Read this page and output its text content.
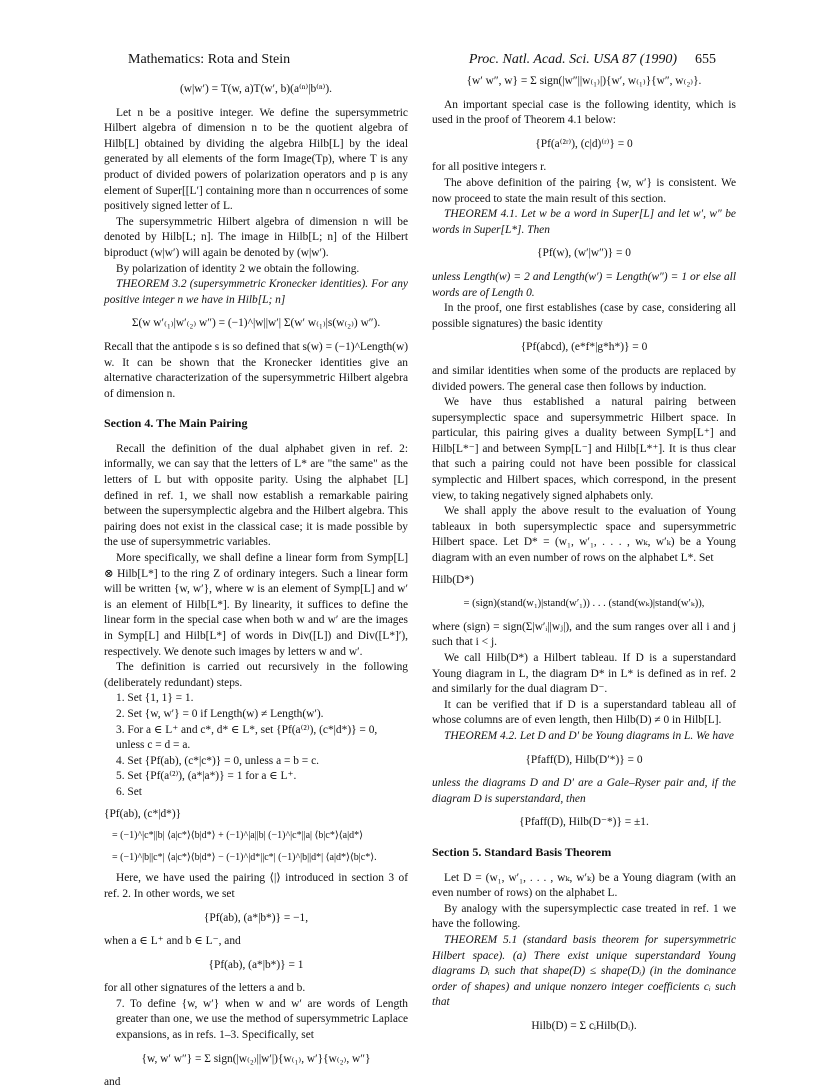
Mathematics: Rota and Stein	Proc. Natl. Acad. Sci. USA 87 (1990) 655
(w|w′) = T(w, a)T(w′, b)(a⁽ⁿ⁾|b⁽ⁿ⁾).

Let n be a positive integer. We define the supersymmetric Hilbert algebra of dimension n to be the quotient algebra of Hilb[L] obtained by dividing the algebra Hilb[L] by the ideal generated by all elements of the form Image(Tp), where T is any product of divided powers of polarization operators and p is any element of Super[[L′] containing more than n occurrences of some positively signed letter of L.

The supersymmetric Hilbert algebra of dimension n will be denoted by Hilb[L; n]. The image in Hilb[L; n] of the Hilbert biproduct (w|w′) will again be denoted by (w|w′).

By polarization of identity 2 we obtain the following.

THEOREM 3.2 (supersymmetric Kronecker identities). For any positive integer n we have in Hilb[L; n]

Σ(w w′₍₁₎|w′₍₂₎ w″) = (−1)^|w||w′| Σ(w′ w₍₁₎|s(w₍₂₎) w″).

Recall that the antipode s is so defined that s(w) = (−1)^Length(w) w. It can be shown that the Kronecker identities give an alternative characterization of the supersymmetric Hilbert algebra of dimension n.

Section 4. The Main Pairing

Recall the definition of the dual alphabet given in ref. 2: informally, we can say that the letters of L* are "the same" as the letters of L but with opposite parity. Using the alphabet [L] defined in ref. 1, we shall now establish a remarkable pairing between the supersymplectic algebra and the Hilbert algebra. This pairing does not exist in the classical case; it is made possible by the use of supersymmetric variables.

More specifically, we shall define a linear form from Symp[L] ⊗ Hilb[L*] to the ring Z of ordinary integers. Such a linear form will be written {w, w′}, where w is an element of Symp[L] and w′ is an element of Hilb[L*]. By linearity, it suffices to define the linear form in the special case when both w and w′ are the images in Symp[L] and Hilb[L*] of words in Div([L]) and Div([L*]′), respectively. We denote such images by letters w and w′.

The definition is carried out recursively in the following (deliberately redundant) steps.

1. Set {1, 1} = 1.

2. Set {w, w′} = 0 if Length(w) ≠ Length(w′).

3. For a ∈ L⁺ and c*, d* ∈ L*, set {Pf(a⁽²⁾), (c*|d*)} = 0, unless c = d = a.

4. Set {Pf(ab), (c*|c*)} = 0, unless a = b = c.

5. Set {Pf(a⁽²⁾), (a*|a*)} = 1 for a ∈ L⁺.

6. Set

{Pf(ab), (c*|d*)}
= (−1)^|c*||b| ⟨a|c*⟩⟨b|d*⟩ + (−1)^|a||b| (−1)^|c*||a| ⟨b|c*⟩⟨a|d*⟩
= (−1)^|b||c*| ⟨a|c*⟩⟨b|d*⟩ − (−1)^|d*||c*| (−1)^|b||d*| ⟨a|d*⟩⟨b|c*⟩.

Here, we have used the pairing ⟨|⟩ introduced in section 3 of ref. 2. In other words, we set

{Pf(ab), (a*|b*)} = −1,

when a ∈ L⁺ and b ∈ L⁻, and

{Pf(ab), (a*|b*)} = 1

for all other signatures of the letters a and b.

7. To define {w, w′} when w and w′ are words of Length greater than one, we use the method of supersymmetric Laplace expansions, as in refs. 1–3. Specifically, set

{w, w′ w″} = Σ sign(|w₍₂₎||w′|){w₍₁₎, w′}{w₍₂₎, w″}

and

{w′ w″, w} = Σ sign(|w″||w₍₁₎|){w′, w₍₁₎}{w″, w₍₂₎}.

An important special case is the following identity, which is used in the proof of Theorem 4.1 below:

{Pf(a⁽²ʳ⁾), (c|d)⁽ʳ⁾} = 0

for all positive integers r.

The above definition of the pairing {w, w′} is consistent. We now proceed to state the main result of this section.

THEOREM 4.1. Let w be a word in Super[L] and let w′, w″ be words in Super[L*]. Then

{Pf(w), (w′|w″)} = 0

unless Length(w) = 2 and Length(w′) = Length(w″) = 1 or else all words are of Length 0.

In the proof, one first establishes (case by case, considering all possible signatures) the basic identity

{Pf(abcd), (e*f*|g*h*)} = 0

and similar identities when some of the products are replaced by divided powers. The general case then follows by induction.

We have thus established a natural pairing between supersymplectic space and supersymmetric Hilbert space. In particular, this pairing gives a duality between Symp[L⁺] and Hilb[L*⁻] and between Symp[L⁻] and Hilb[L*⁺]. It is thus clear that such a pairing could not have been possible for classical symplectic and Hilbert spaces, which correspond, in the present view, to taking negatively signed alphabets only.

We shall apply the above result to the evaluation of Young tableaux in both supersymplectic space and supersymmetric Hilbert space. Let D* = (w₁, w′₁, . . . , wₖ, w′ₖ) be a Young diagram with an even number of rows on the alphabet L*. Set

Hilb(D*)
= (sign)(stand(w₁)|stand(w′₁)) . . . (stand(wₖ)|stand(w′ₖ)),

where (sign) = sign(Σ|w′ᵢ||wⱼ|), and the sum ranges over all i and j such that i < j.

We call Hilb(D*) a Hilbert tableau. If D is a superstandard Young diagram in L, the diagram D* in L* is defined as in ref. 2 and similarly for the dual diagram D⁻.

It can be verified that if D is a superstandard tableau all of whose columns are of even length, then Hilb(D) ≠ 0 in Hilb[L].

THEOREM 4.2. Let D and D′ be Young diagrams in L. We have

{Pfaff(D), Hilb(D′*)} = 0

unless the diagrams D and D′ are a Gale–Ryser pair and, if the diagram D is superstandard, then

{Pfaff(D), Hilb(D⁻*)} = ±1.
Section 5. Standard Basis Theorem

Let D = (w₁, w′₁, . . . , wₖ, w′ₖ) be a Young diagram (with an even number of rows) on the alphabet L.

By analogy with the supersymplectic case treated in ref. 1 we have the following.

THEOREM 5.1 (standard basis theorem for supersymmetric Hilbert space). (a) There exist unique superstandard Young diagrams Dᵢ such that shape(D) ≤ shape(Dᵢ) (in the dominance order of shapes) and unique nonzero integer coefficients cᵢ such that

Hilb(D) = Σ cᵢHilb(Dᵢ).
